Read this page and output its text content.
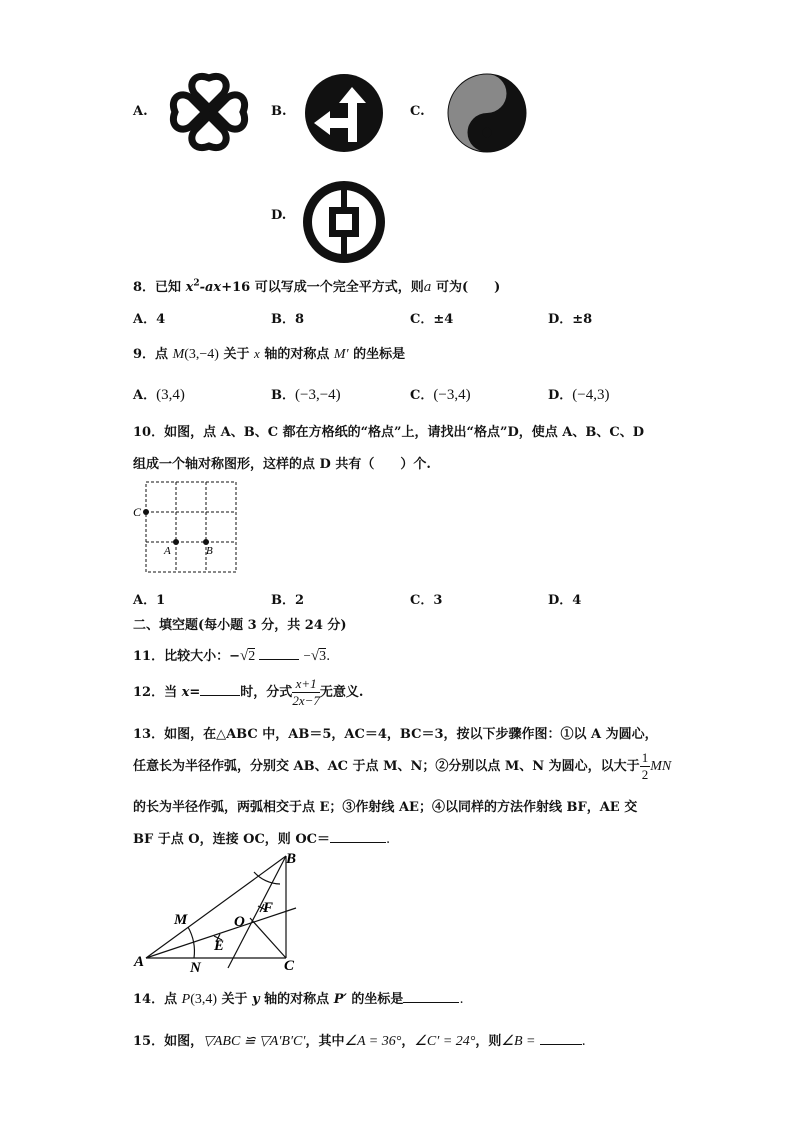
A.	B.	C.
D.
8．已知 $x^2-ax+16$ 可以写成一个完全平方式，则a 可为(　　)
A．4	B．8	C．±4	D．±8
9．点 M(3,−4) 关于 x 轴的对称点 M′ 的坐标是
A．(3,4)	B．(−3,−4)	C．(−3,4)	D．(−4,3)
10．如图，点 A、B、C 都在方格纸的“格点”上，请找出“格点”D，使点 A、B、C、D
组成一个轴对称图形，这样的点 D 共有（　　）个.
C
A	B
A．1	B．2	C．3	D．4
二、填空题(每小题 3 分，共 24 分)
11．比较大小：−√2	−√3.
12．当 x=	时，分式 $\frac{x+1}{2x-7}$ 无意义.
13．如图，在△ABC 中，AB＝5，AC＝4，BC＝3，按以下步骤作图：①以 A 为圆心，
任意长为半径作弧，分别交 AB、AC 于点 M、N；②分别以点 M、N 为圆心，以大于 $\frac{1}{2}$ MN
的长为半径作弧，两弧相交于点 E；③作射线 AE；④以同样的方法作射线 BF，AE 交
BF 于点 O，连接 OC，则 OC＝	.
B
M	O
F
E
A	N	C
14．点 P(3,4) 关于 y 轴的对称点 P′ 的坐标是	.
15．如图，▽ABC ≌ ▽A′B′C′，其中∠A = 36°，∠C′ = 24°，则∠B =	.
